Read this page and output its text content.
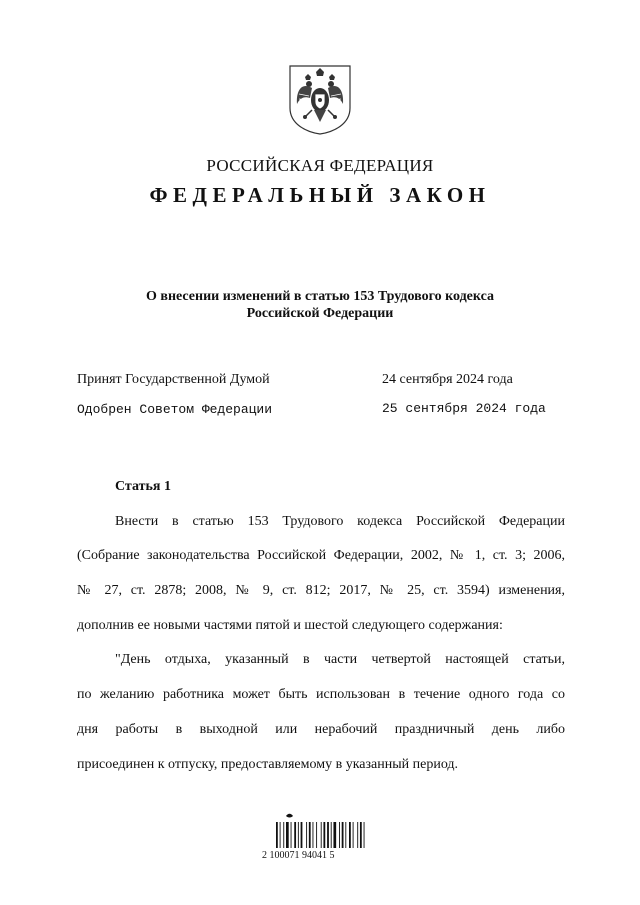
РОССИЙСКАЯ ФЕДЕРАЦИЯ
ФЕДЕРАЛЬНЫЙ ЗАКОН
О внесении изменений в статью 153 Трудового кодекса
Российской Федерации
Принят Государственной Думой	24 сентября 2024 года
Одобрен Советом Федерации	25 сентября 2024 года
Статья 1
Внести в статью 153 Трудового кодекса Российской Федерации
(Собрание законодательства Российской Федерации, 2002, № 1, ст. 3; 2006,
№ 27, ст. 2878; 2008, № 9, ст. 812; 2017, № 25, ст. 3594) изменения,
дополнив ее новыми частями пятой и шестой следующего содержания:
"День отдыха, указанный в части четвертой настоящей статьи,
по желанию работника может быть использован в течение одного года со
дня работы в выходной или нерабочий праздничный день либо
присоединен к отпуску, предоставляемому в указанный период.
2 100071 94041 5
